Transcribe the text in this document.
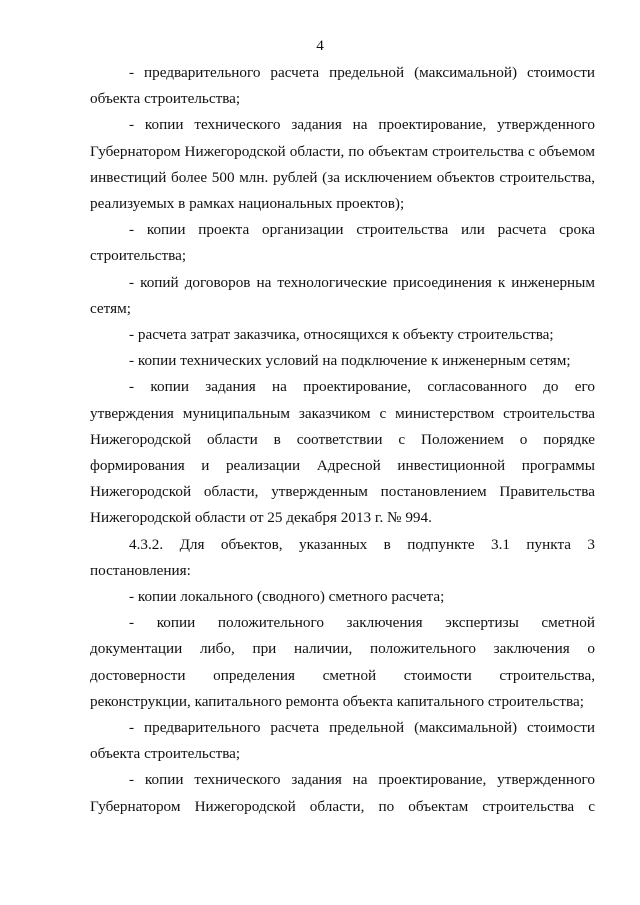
4

- предварительного расчета предельной (максимальной) стоимости объекта строительства;

- копии технического задания на проектирование, утвержденного Губернатором Нижегородской области, по объектам строительства с объемом инвестиций более 500 млн. рублей (за исключением объектов строительства, реализуемых в рамках национальных проектов);

- копии проекта организации строительства или расчета срока строительства;

- копий договоров на технологические присоединения к инженерным сетям;

- расчета затрат заказчика, относящихся к объекту строительства;

- копии технических условий на подключение к инженерным сетям;

- копии задания на проектирование, согласованного до его утверждения муниципальным заказчиком с министерством строительства Нижегородской области в соответствии с Положением о порядке формирования и реализации Адресной инвестиционной программы Нижегородской области, утвержденным постановлением Правительства Нижегородской области от 25 декабря 2013 г. № 994.

4.3.2. Для объектов, указанных в подпункте 3.1 пункта 3 постановления:

- копии локального (сводного) сметного расчета;

- копии положительного заключения экспертизы сметной документации либо, при наличии, положительного заключения о достоверности определения сметной стоимости строительства, реконструкции, капитального ремонта объекта капитального строительства;

- предварительного расчета предельной (максимальной) стоимости объекта строительства;

- копии технического задания на проектирование, утвержденного Губернатором Нижегородской области, по объектам строительства с
